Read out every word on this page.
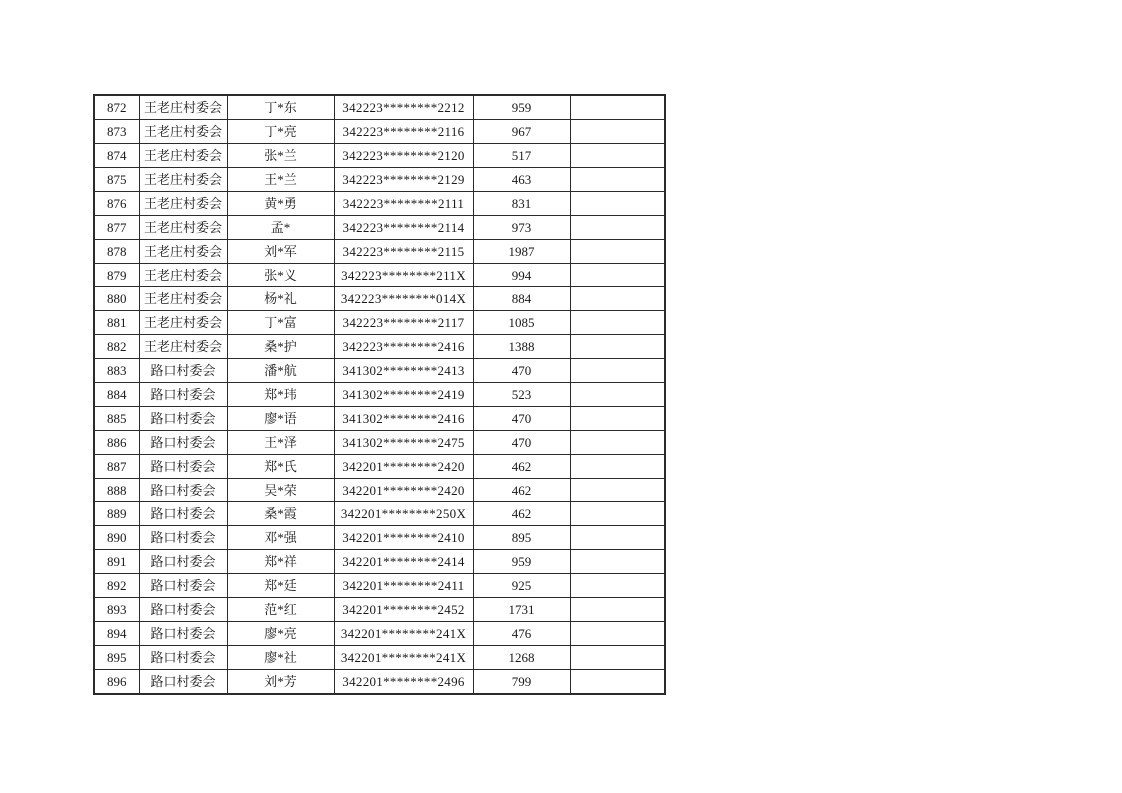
872	王老庄村委会	丁*东	342223********2212	959	
873	王老庄村委会	丁*亮	342223********2116	967	
874	王老庄村委会	张*兰	342223********2120	517	
875	王老庄村委会	王*兰	342223********2129	463	
876	王老庄村委会	黄*勇	342223********2111	831	
877	王老庄村委会	孟*	342223********2114	973	
878	王老庄村委会	刘*军	342223********2115	1987	
879	王老庄村委会	张*义	342223********211X	994	
880	王老庄村委会	杨*礼	342223********014X	884	
881	王老庄村委会	丁*富	342223********2117	1085	
882	王老庄村委会	桑*护	342223********2416	1388	
883	路口村委会	潘*航	341302********2413	470	
884	路口村委会	郑*玮	341302********2419	523	
885	路口村委会	廖*语	341302********2416	470	
886	路口村委会	王*泽	341302********2475	470	
887	路口村委会	郑*氏	342201********2420	462	
888	路口村委会	吴*荣	342201********2420	462	
889	路口村委会	桑*霞	342201********250X	462	
890	路口村委会	邓*强	342201********2410	895	
891	路口村委会	郑*祥	342201********2414	959	
892	路口村委会	郑*廷	342201********2411	925	
893	路口村委会	范*红	342201********2452	1731	
894	路口村委会	廖*亮	342201********241X	476	
895	路口村委会	廖*社	342201********241X	1268	
896	路口村委会	刘*芳	342201********2496	799	
